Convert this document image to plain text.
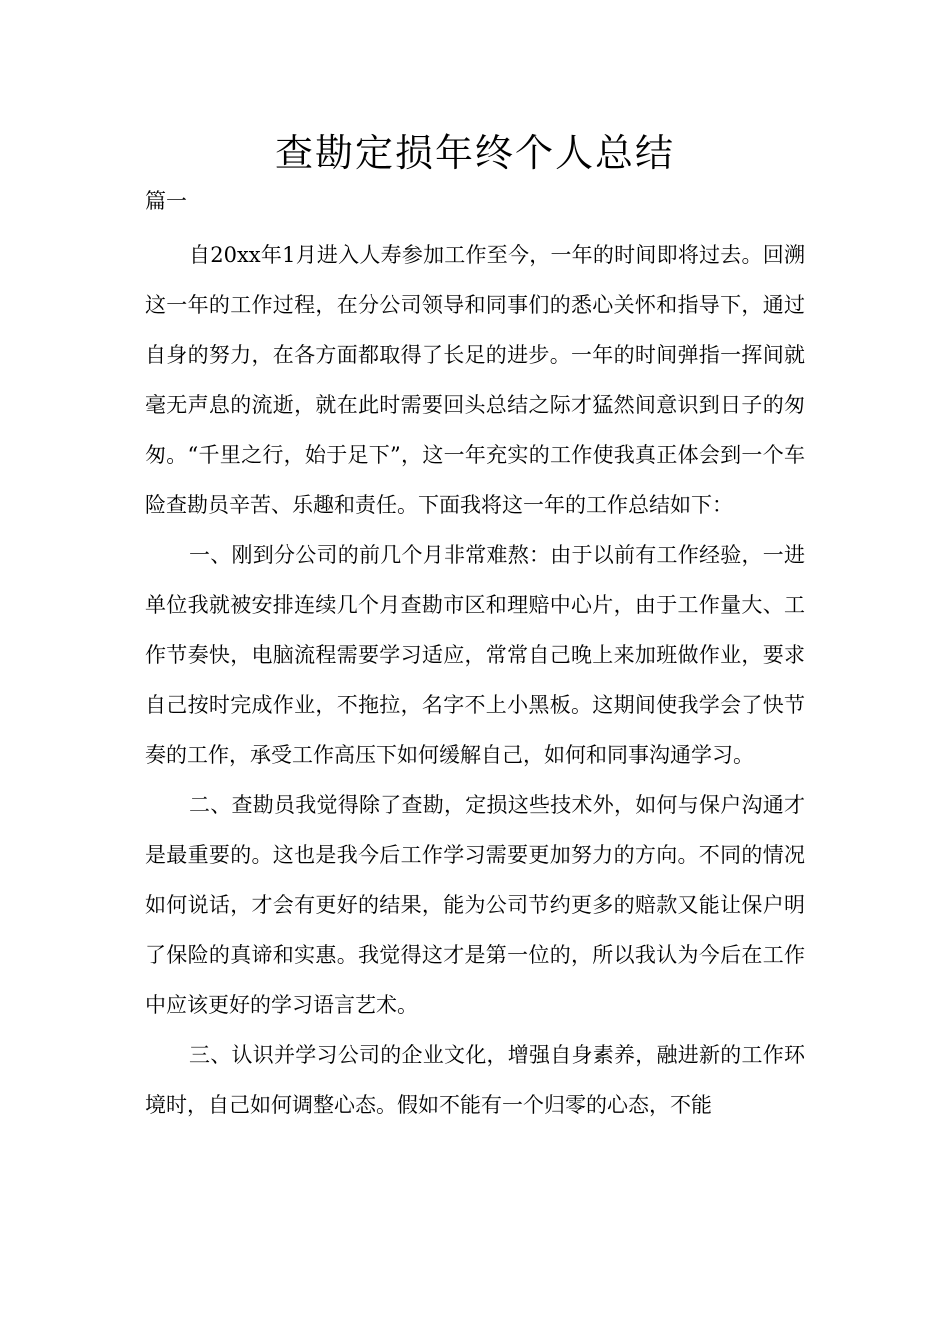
查勘定损年终个人总结
篇一

自20xx年1月进入人寿参加工作至今，一年的时间即将过去。回溯这一年的工作过程，在分公司领导和同事们的悉心关怀和指导下，通过自身的努力，在各方面都取得了长足的进步。一年的时间弹指一挥间就毫无声息的流逝，就在此时需要回头总结之际才猛然间意识到日子的匆匆。“千里之行，始于足下”，这一年充实的工作使我真正体会到一个车险查勘员辛苦、乐趣和责任。下面我将这一年的工作总结如下：

一、刚到分公司的前几个月非常难熬：由于以前有工作经验，一进单位我就被安排连续几个月查勘市区和理赔中心片，由于工作量大、工作节奏快，电脑流程需要学习适应，常常自己晚上来加班做作业，要求自己按时完成作业，不拖拉，名字不上小黑板。这期间使我学会了快节奏的工作，承受工作高压下如何缓解自己，如何和同事沟通学习。

二、查勘员我觉得除了查勘，定损这些技术外，如何与保户沟通才是最重要的。这也是我今后工作学习需要更加努力的方向。不同的情况如何说话，才会有更好的结果，能为公司节约更多的赔款又能让保户明了保险的真谛和实惠。我觉得这才是第一位的，所以我认为今后在工作中应该更好的学习语言艺术。

三、认识并学习公司的企业文化，增强自身素养，融进新的工作环境时，自己如何调整心态。假如不能有一个归零的心态，不能
